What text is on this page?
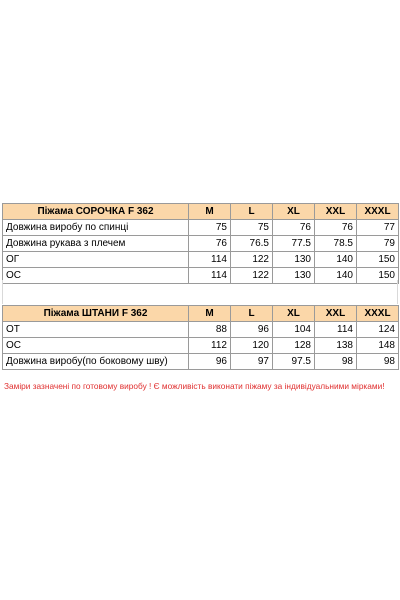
Піжама СОРОЧКА F 362	M	L	XL	XXL	XXXL
Довжина виробу по спинці	75	75	76	76	77
Довжина рукава з плечем	76	76.5	77.5	78.5	79
ОГ	114	122	130	140	150
ОС	114	122	130	140	150
Піжама ШТАНИ F 362	M	L	XL	XXL	XXXL
ОТ	88	96	104	114	124
ОС	112	120	128	138	148
Довжина виробу(по боковому шву)	96	97	97.5	98	98
Заміри зазначені по готовому виробу ! Є можливість виконати піжаму за індивідуальними мірками!
